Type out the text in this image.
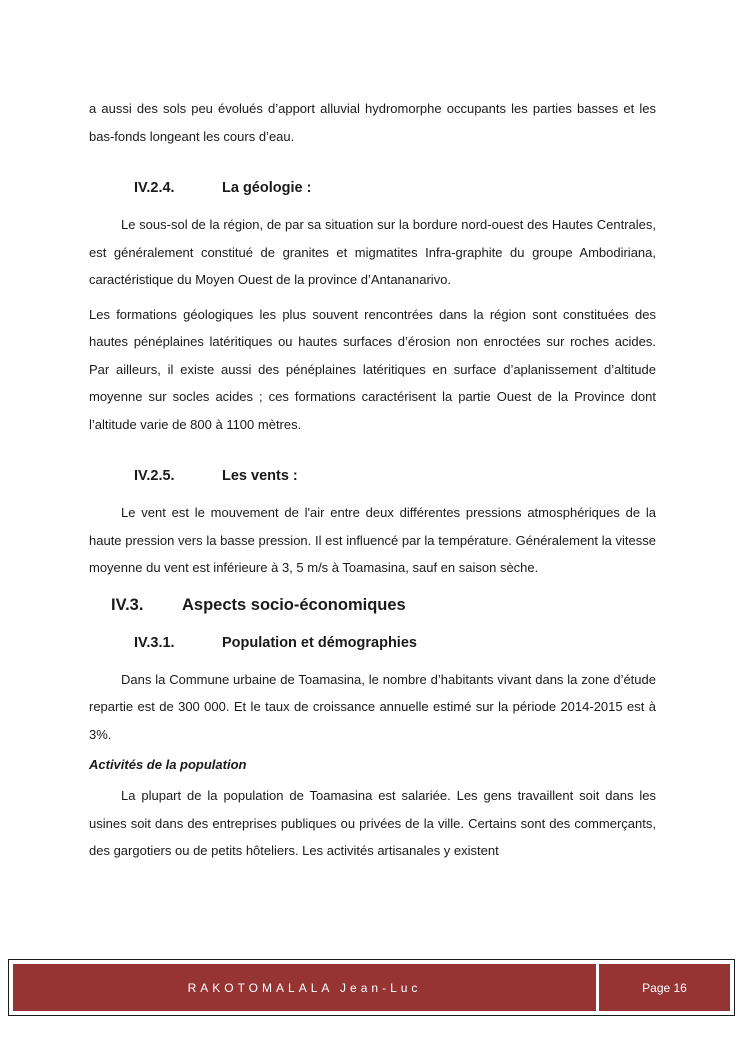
a aussi des sols peu évolués d’apport alluvial hydromorphe occupants les parties basses et les bas-fonds longeant les cours d’eau.

IV.2.4.	La géologie :

Le sous-sol de la région, de par sa situation sur la bordure nord-ouest des Hautes Centrales, est généralement constitué de granites et migmatites Infra-graphite du groupe Ambodiriana, caractéristique du Moyen Ouest de la province d’Antananarivo.

Les formations géologiques les plus souvent rencontrées dans la région sont constituées des hautes pénéplaines latéritiques ou hautes surfaces d’érosion non enroctées sur roches acides. Par ailleurs, il existe aussi des pénéplaines latéritiques en surface d’aplanissement d’altitude moyenne sur socles acides ; ces formations caractérisent la partie Ouest de la Province dont l’altitude varie de 800 à 1100 mètres.

IV.2.5.	Les vents :

Le vent est le mouvement de l'air entre deux différentes pressions atmosphériques de la haute pression vers la basse pression. Il est influencé par la température. Généralement la vitesse moyenne du vent est inférieure à 3, 5 m/s à Toamasina, sauf en saison sèche.

IV.3.	Aspects socio-économiques
IV.3.1.	Population et démographies

Dans la Commune urbaine de Toamasina, le nombre d’habitants vivant dans la zone d’étude repartie est de 300 000. Et le taux de croissance annuelle estimé sur la période 2014-2015 est à 3%.

Activités de la population

La plupart de la population de Toamasina est salariée. Les gens travaillent soit dans les usines soit dans des entreprises publiques ou privées de la ville. Certains sont des commerçants, des gargotiers ou de petits hôteliers. Les activités artisanales y existent

RAKOTOMALALA Jean-Luc	Page 16
